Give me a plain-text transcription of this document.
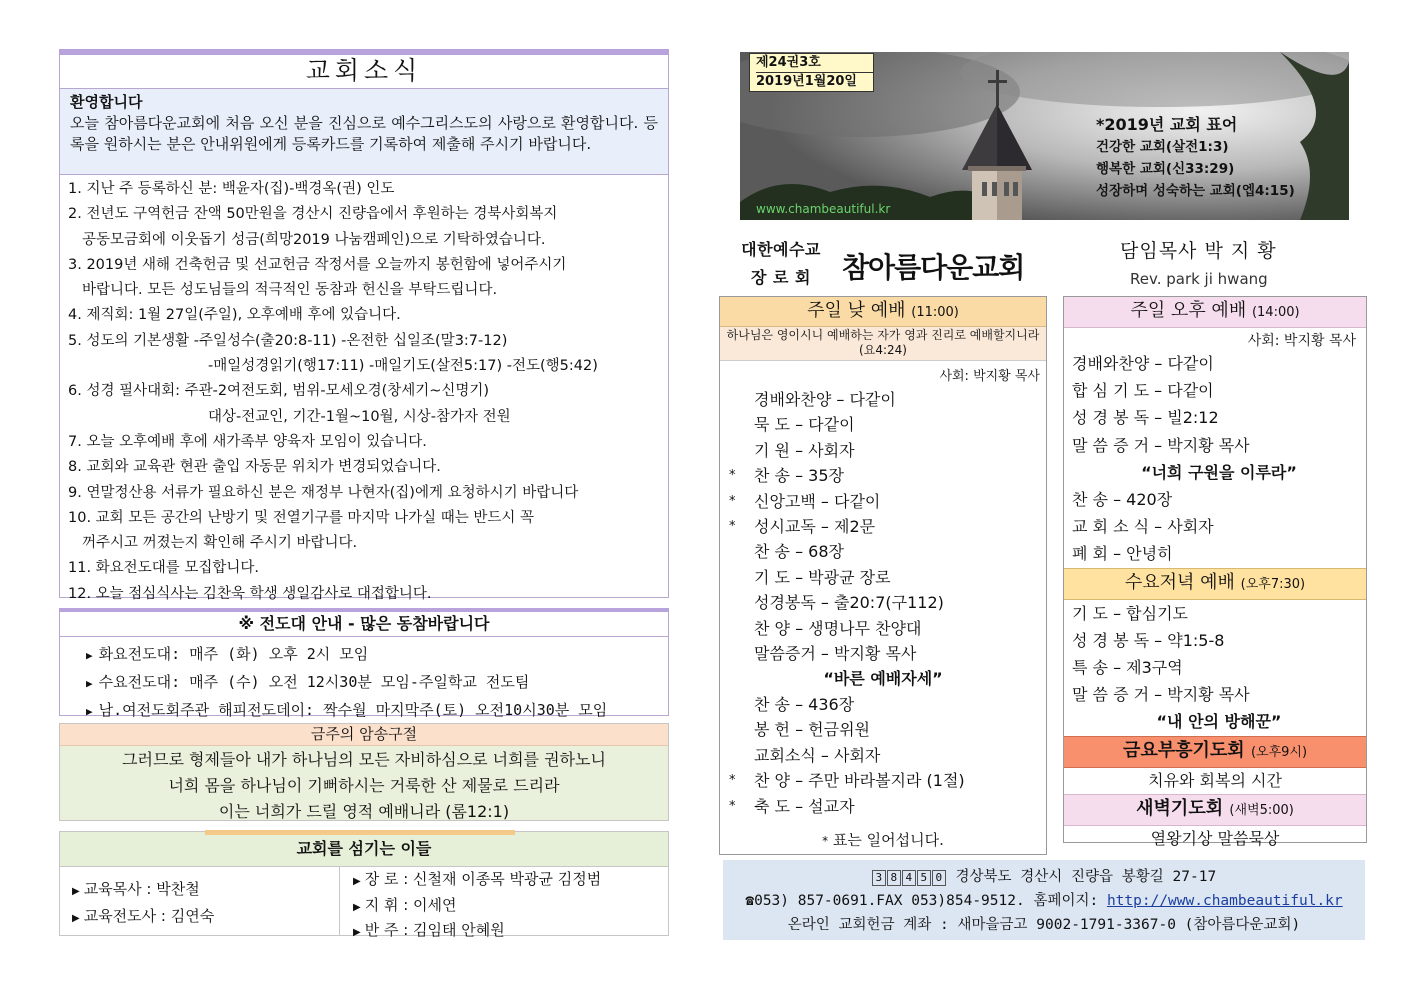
교회소식
환영합니다
오늘 참아름다운교회에 처음 오신 분을 진심으로 예수그리스도의 사랑으로 환영합니다. 등록을 원하시는 분은 안내위원에게 등록카드를 기록하여 제출해 주시기 바랍니다.
1. 지난 주 등록하신 분: 백윤자(집)-백경옥(권) 인도
2. 전년도 구역헌금 잔액 50만원을 경산시 진량읍에서 후원하는 경북사회복지
공동모금회에 이웃돕기 성금(희망2019 나눔캠페인)으로 기탁하였습니다.
3. 2019년 새해 건축헌금 및 선교헌금 작정서를 오늘까지 봉헌함에 넣어주시기
바랍니다. 모든 성도님들의 적극적인 동참과 헌신을 부탁드립니다.
4. 제직회: 1월 27일(주일), 오후예배 후에 있습니다.
5. 성도의 기본생활 -주일성수(출20:8-11) -온전한 십일조(말3:7-12)
-매일성경읽기(행17:11) -매일기도(살전5:17) -전도(행5:42)
6. 성경 필사대회: 주관-2여전도회, 범위-모세오경(창세기~신명기)
대상-전교인, 기간-1월~10월, 시상-참가자 전원
7. 오늘 오후예배 후에 새가족부 양육자 모임이 있습니다.
8. 교회와 교육관 현관 출입 자동문 위치가 변경되었습니다.
9. 연말정산용 서류가 필요하신 분은 재정부 나현자(집)에게 요청하시기 바랍니다
10. 교회 모든 공간의 난방기 및 전열기구를 마지막 나가실 때는 반드시 꼭
꺼주시고 꺼졌는지 확인해 주시기 바랍니다.
11. 화요전도대를 모집합니다.
12. 오늘 점심식사는 김찬욱 학생 생일감사로 대접합니다.
※ 전도대 안내 - 많은 동참바랍니다
▶ 화요전도대: 매주 (화) 오후 2시 모임
▶ 수요전도대: 매주 (수) 오전 12시30분 모임-주일학교 전도팀
▶ 남.여전도회주관 해피전도데이: 짝수월 마지막주(토) 오전10시30분 모임
금주의 암송구절
그러므로 형제들아 내가 하나님의 모든 자비하심으로 너희를 권하노니
너희 몸을 하나님이 기뻐하시는 거룩한 산 제물로 드리라
이는 너희가 드릴 영적 예배니라 (롬12:1)
교회를 섬기는 이들
▶ 교육목사 : 박찬철
▶ 교육전도사 : 김연숙
▶ 장 로 : 신철재 이종목 박광균 김정범
▶ 지 휘 : 이세연
▶ 반 주 : 김임태 안혜원
제24권3호
2019년1월20일
*2019년 교회 표어
건강한 교회(살전1:3)
행복한 교회(신33:29)
성장하며 성숙하는 교회(엡4:15)
www.chambeautiful.kr
대한예수교
장 로 회	참아름다운교회	담임목사 박 지 황
Rev. park ji hwang
주일 낮 예배 (11:00)
하나님은 영이시니 예배하는 자가 영과 진리로 예배할지니라(요4:24)
사회: 박지황 목사
경배와찬양 – 다같이
묵 도 – 다같이
기 원 – 사회자
* 찬 송 – 35장
* 신앙고백 – 다같이
* 성시교독 – 제2문
찬 송 – 68장
기 도 – 박광균 장로
성경봉독 – 출20:7(구112)
찬 양 – 생명나무 찬양대
말씀증거 – 박지황 목사
“바른 예배자세”
찬 송 – 436장
봉 헌 – 헌금위원
교회소식 – 사회자
* 찬 양 – 주만 바라볼지라 (1절)
* 축 도 – 설교자
* 표는 일어섭니다.
주일 오후 예배 (14:00)
사회: 박지황 목사
경배와찬양 – 다같이
합 심 기 도 – 다같이
성 경 봉 독 – 빌2:12
말 씀 증 거 – 박지황 목사
“너희 구원을 이루라”
찬 송 – 420장
교 회 소 식 – 사회자
폐 회 – 안녕히
수요저녁 예배 (오후7:30)
기 도 – 합심기도
성 경 봉 독 – 약1:5-8
특 송 – 제3구역
말 씀 증 거 – 박지황 목사
“내 안의 방해꾼”
금요부흥기도회 (오후9시)
치유와 회복의 시간
새벽기도회 (새벽5:00)
열왕기상 말씀묵상
3 8 4 5 0 경상북도 경산시 진량읍 봉황길 27-17
☎053) 857-0691.FAX 053)854-9512. 홈페이지: http://www.chambeautiful.kr
온라인 교회헌금 계좌 : 새마을금고 9002-1791-3367-0 (참아름다운교회)
